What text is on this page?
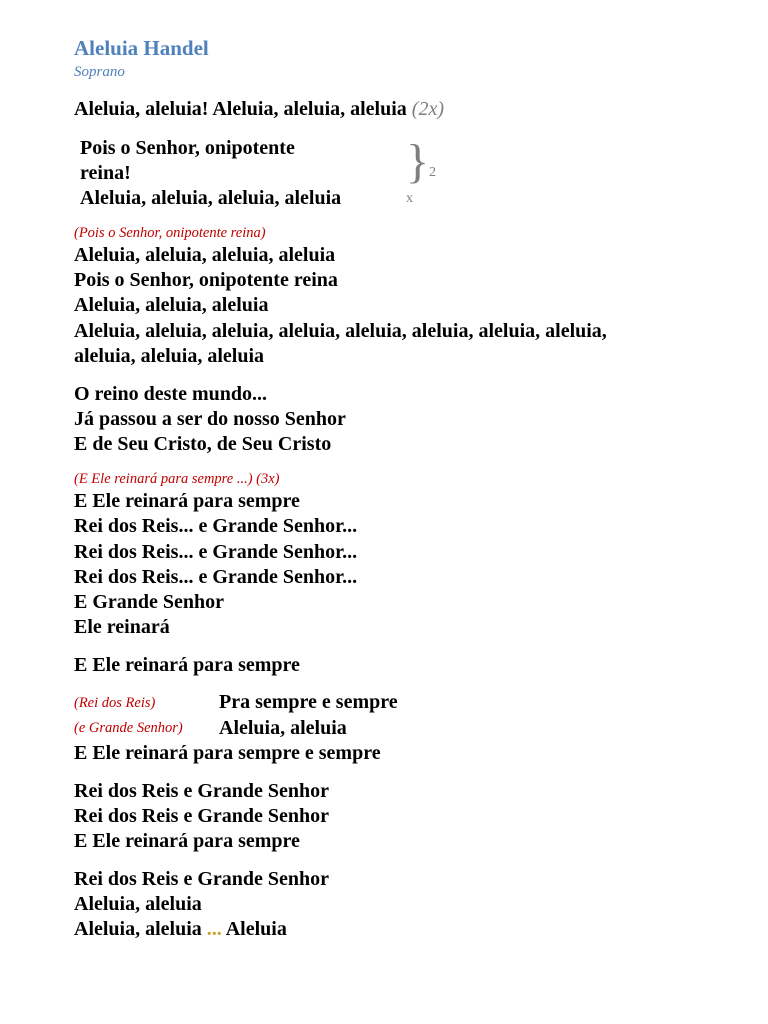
Aleluia Handel
Soprano
Aleluia, aleluia! Aleluia, aleluia, aleluia (2x)
Pois o Senhor, onipotente
reina!
Aleluia, aleluia, aleluia, aleluia
} 2
x
(Pois o Senhor, onipotente reina)
Aleluia, aleluia, aleluia, aleluia
Pois o Senhor, onipotente reina
Aleluia, aleluia, aleluia
Aleluia, aleluia, aleluia, aleluia, aleluia, aleluia, aleluia, aleluia,
aleluia, aleluia, aleluia
O reino deste mundo...
Já passou a ser do nosso Senhor
E de Seu Cristo, de Seu Cristo
(E Ele reinará para sempre ...) (3x)
E Ele reinará para sempre
Rei dos Reis... e Grande Senhor...
Rei dos Reis... e Grande Senhor...
Rei dos Reis... e Grande Senhor...
E Grande Senhor
Ele reinará
E Ele reinará para sempre
(Rei dos Reis)	Pra sempre e sempre
(e Grande Senhor) Aleluia, aleluia
E Ele reinará para sempre e sempre
Rei dos Reis e Grande Senhor
Rei dos Reis e Grande Senhor
E Ele reinará para sempre
Rei dos Reis e Grande Senhor
Aleluia, aleluia
Aleluia, aleluia ... Aleluia
